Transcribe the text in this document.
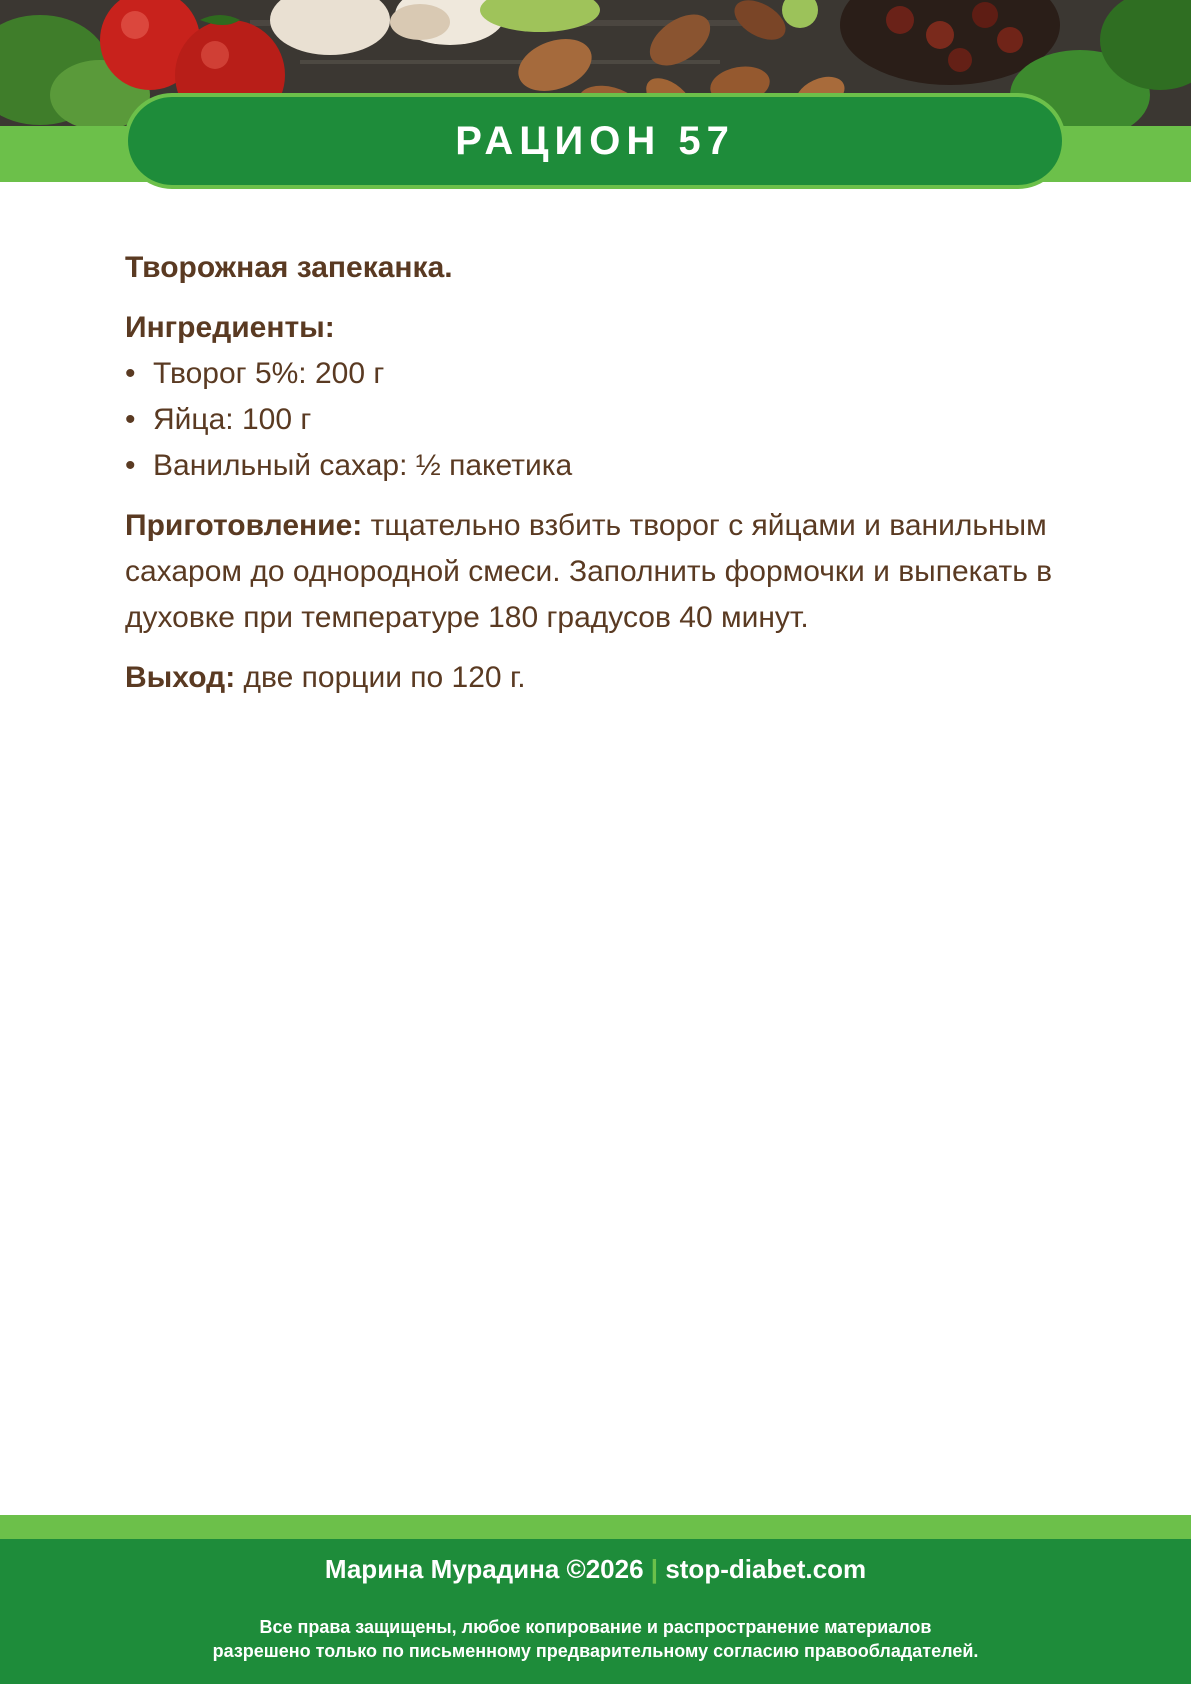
РАЦИОН 57

Творожная запеканка.

Ингредиенты:

• Творог 5%: 200 г
• Яйца: 100 г
• Ванильный сахар: ½ пакетика

Приготовление: тщательно взбить творог с яйцами и ванильным сахаром до однородной смеси. Заполнить формочки и выпекать в духовке при температуре 180 градусов 40 минут.

Выход: две порции по 120 г.

Марина Мурадина ©2026 | stop-diabet.com
Все права защищены, любое копирование и распространение материалов
разрешено только по письменному предварительному согласию правообладателей.
